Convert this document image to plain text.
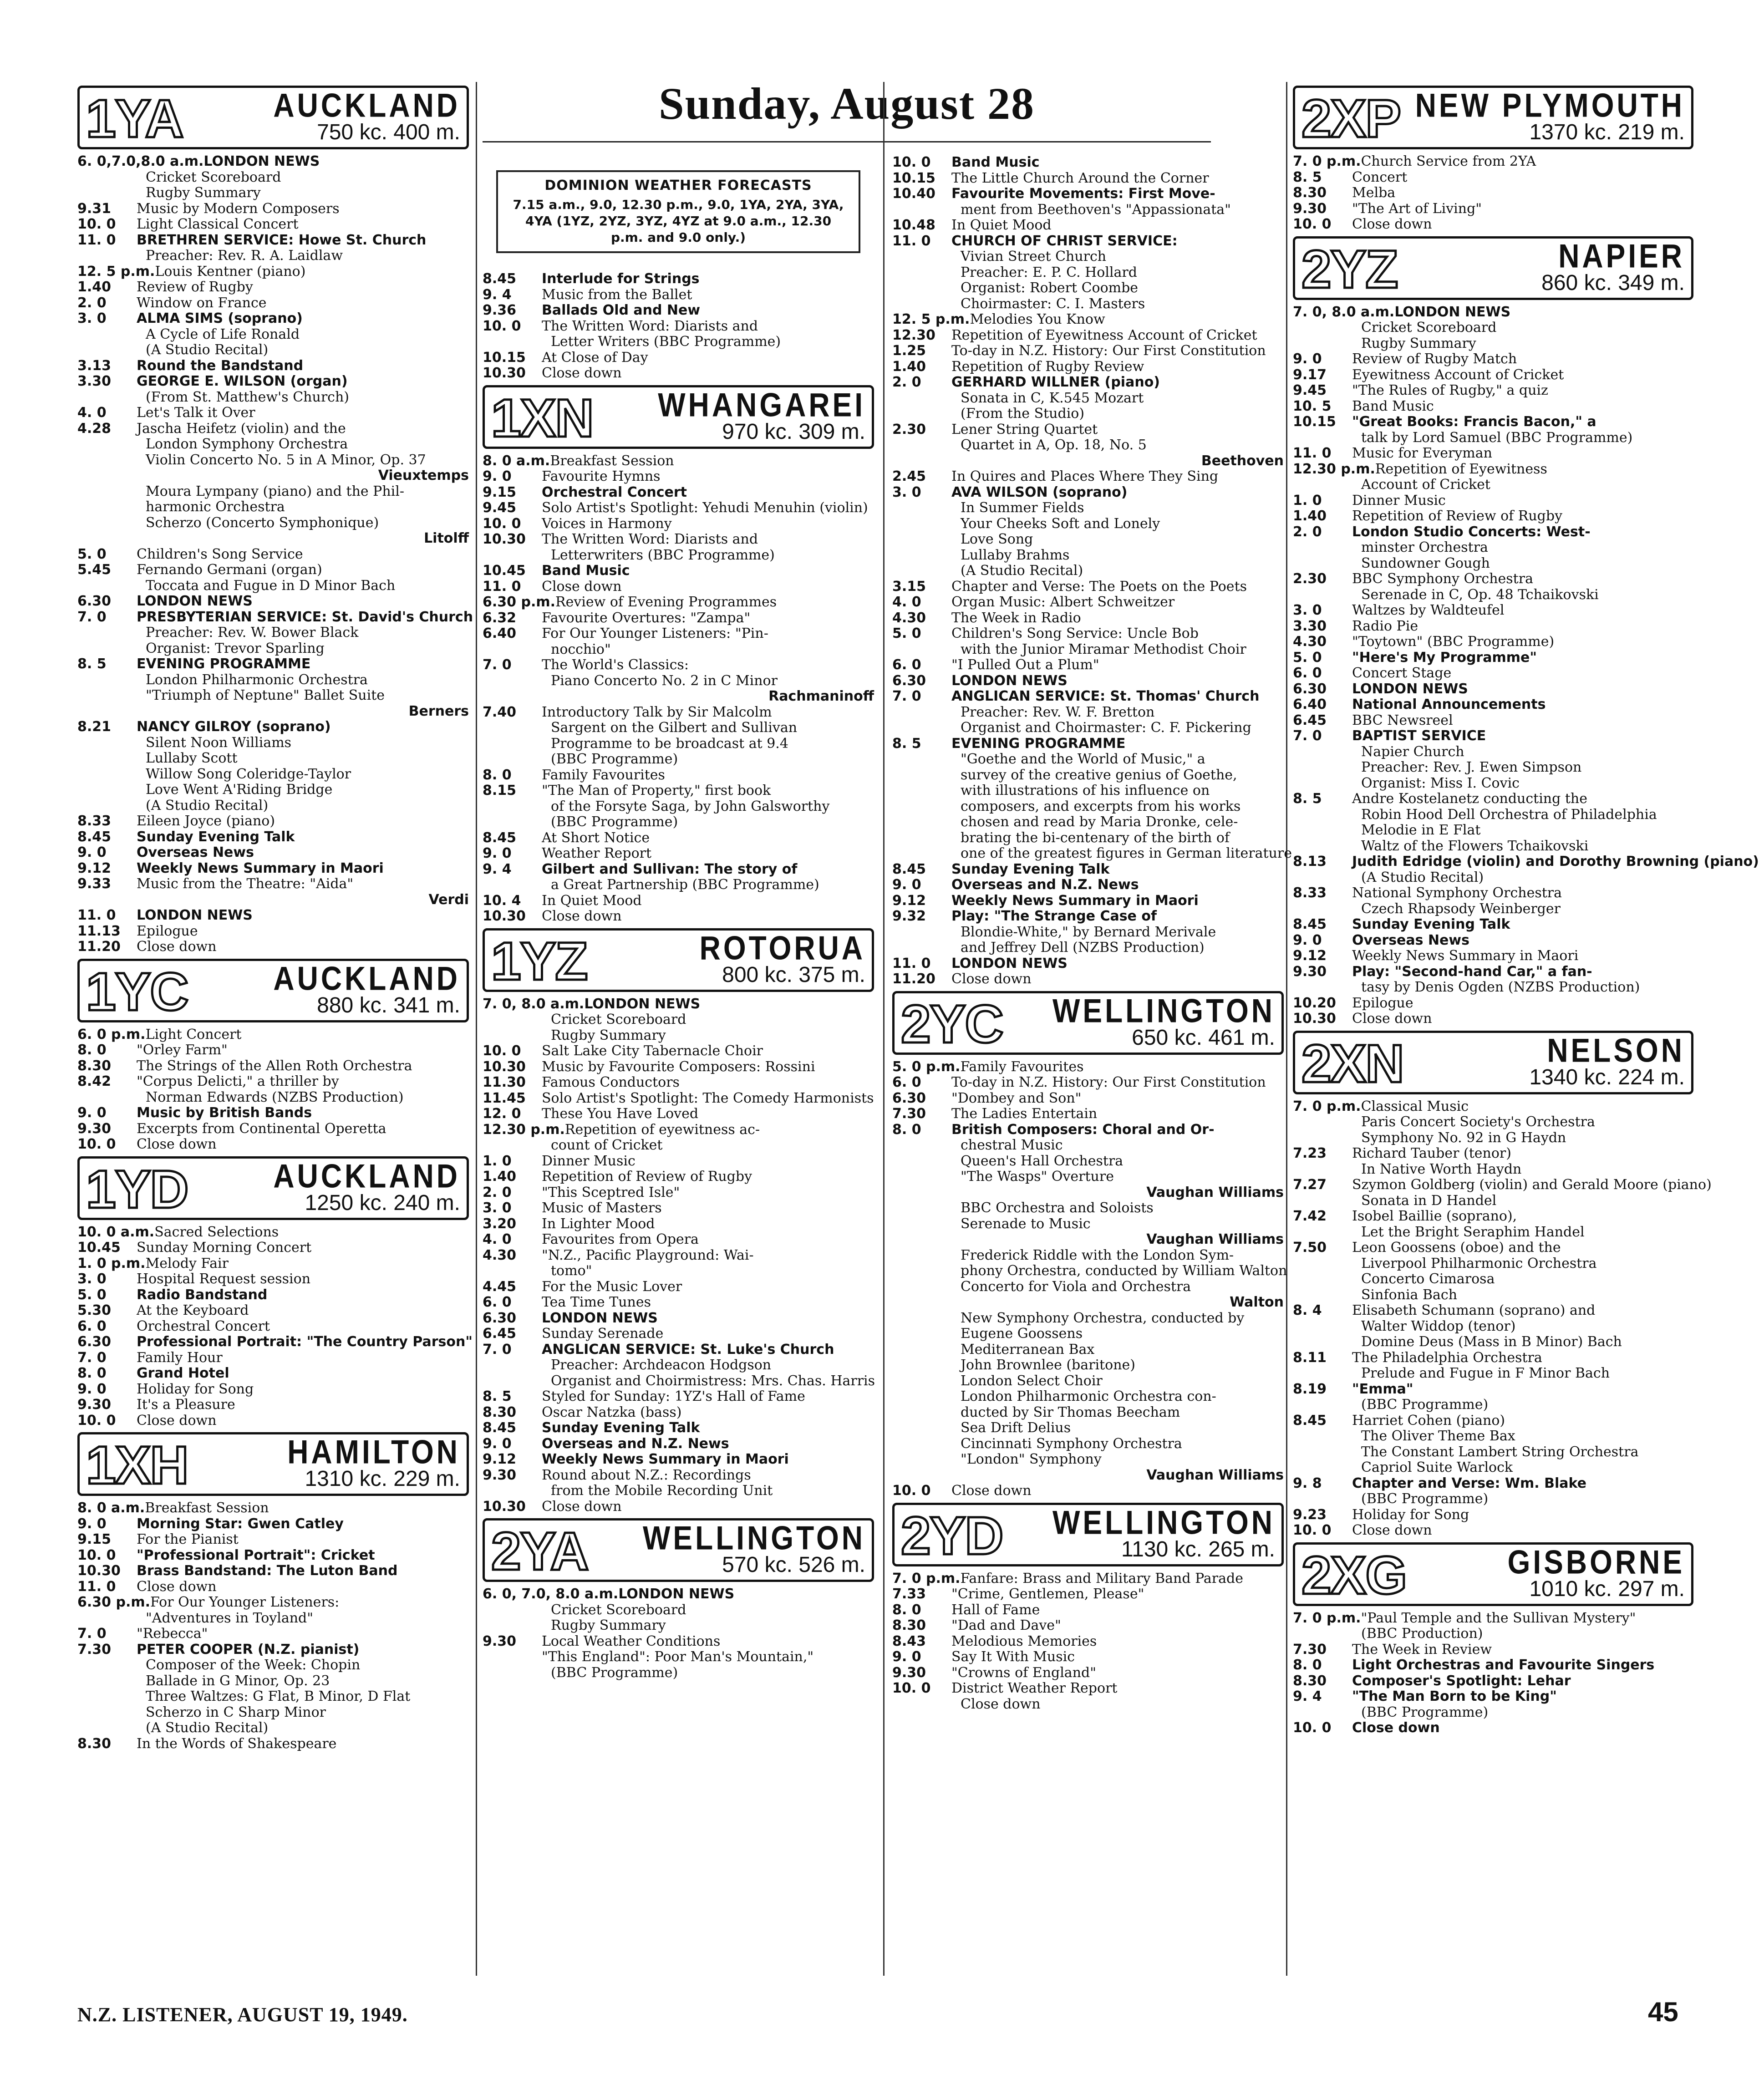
Sunday, August 28
1YA	AUCKLAND
750 kc. 400 m.
6. 0,7.0,8.0 a.m.LONDON NEWS
Cricket Scoreboard
Rugby Summary
9.31 Music by Modern Composers
10. 0 Light Classical Concert
11. 0 BRETHREN SERVICE: Howe St. Church
Preacher: Rev. R. A. Laidlaw
12. 5 p.m.Louis Kentner (piano)
1.40 Review of Rugby
2. 0 Window on France
3. 0 ALMA SIMS (soprano)
A Cycle of Life Ronald
(A Studio Recital)
3.13 Round the Bandstand
3.30 GEORGE E. WILSON (organ)
(From St. Matthew's Church)
4. 0 Let's Talk it Over
4.28 Jascha Heifetz (violin) and the
London Symphony Orchestra
Violin Concerto No. 5 in A Minor, Op. 37
Vieuxtemps
Moura Lympany (piano) and the Phil-
harmonic Orchestra
Scherzo (Concerto Symphonique)
Litolff
5. 0 Children's Song Service
5.45 Fernando Germani (organ)
Toccata and Fugue in D Minor Bach
6.30 LONDON NEWS
7. 0 PRESBYTERIAN SERVICE: St. David's Church
Preacher: Rev. W. Bower Black
Organist: Trevor Sparling
8. 5 EVENING PROGRAMME
London Philharmonic Orchestra
"Triumph of Neptune" Ballet Suite
Berners
8.21 NANCY GILROY (soprano)
Silent Noon Williams
Lullaby Scott
Willow Song Coleridge-Taylor
Love Went A'Riding Bridge
(A Studio Recital)
8.33 Eileen Joyce (piano)
8.45 Sunday Evening Talk
9. 0 Overseas News
9.12 Weekly News Summary in Maori
9.33 Music from the Theatre: "Aida"
Verdi
11. 0 LONDON NEWS
11.13 Epilogue
11.20 Close down
1YC	AUCKLAND
880 kc. 341 m.
6. 0 p.m.Light Concert
8. 0 "Orley Farm"
8.30 The Strings of the Allen Roth Orchestra
8.42 "Corpus Delicti," a thriller by
Norman Edwards (NZBS Production)
9. 0 Music by British Bands
9.30 Excerpts from Continental Operetta
10. 0 Close down
1YD	AUCKLAND
1250 kc. 240 m.
10. 0 a.m.Sacred Selections
10.45 Sunday Morning Concert
1. 0 p.m.Melody Fair
3. 0 Hospital Request session
5. 0 Radio Bandstand
5.30 At the Keyboard
6. 0 Orchestral Concert
6.30 Professional Portrait: "The Country Parson"
7. 0 Family Hour
8. 0 Grand Hotel
9. 0 Holiday for Song
9.30 It's a Pleasure
10. 0 Close down
1XH	HAMILTON
1310 kc. 229 m.
8. 0 a.m.Breakfast Session
9. 0 Morning Star: Gwen Catley
9.15 For the Pianist
10. 0 "Professional Portrait": Cricket
10.30 Brass Bandstand: The Luton Band
11. 0 Close down
6.30 p.m.For Our Younger Listeners:
"Adventures in Toyland"
7. 0 "Rebecca"
7.30 PETER COOPER (N.Z. pianist)
Composer of the Week: Chopin
Ballade in G Minor, Op. 23
Three Waltzes: G Flat, B Minor, D Flat
Scherzo in C Sharp Minor
(A Studio Recital)
8.30 In the Words of Shakespeare
DOMINION WEATHER FORECASTS
7.15 a.m., 9.0, 12.30 p.m., 9.0, 1YA, 2YA, 3YA, 4YA (1YZ, 2YZ, 3YZ, 4YZ at 9.0 a.m., 12.30 p.m. and 9.0 only.)
8.45 Interlude for Strings
9. 4 Music from the Ballet
9.36 Ballads Old and New
10. 0 The Written Word: Diarists and
Letter Writers (BBC Programme)
10.15 At Close of Day
10.30 Close down
1XN	WHANGAREI
970 kc. 309 m.
8. 0 a.m.Breakfast Session
9. 0 Favourite Hymns
9.15 Orchestral Concert
9.45 Solo Artist's Spotlight: Yehudi Menuhin (violin)
10. 0 Voices in Harmony
10.30 The Written Word: Diarists and
Letterwriters (BBC Programme)
10.45 Band Music
11. 0 Close down
6.30 p.m.Review of Evening Programmes
6.32 Favourite Overtures: "Zampa"
6.40 For Our Younger Listeners: "Pin-
nocchio"
7. 0 The World's Classics:
Piano Concerto No. 2 in C Minor
Rachmaninoff
7.40 Introductory Talk by Sir Malcolm
Sargent on the Gilbert and Sullivan
Programme to be broadcast at 9.4
(BBC Programme)
8. 0 Family Favourites
8.15 "The Man of Property," first book
of the Forsyte Saga, by John Galsworthy
(BBC Programme)
8.45 At Short Notice
9. 0 Weather Report
9. 4 Gilbert and Sullivan: The story of
a Great Partnership (BBC Programme)
10. 4 In Quiet Mood
10.30 Close down
1YZ	ROTORUA
800 kc. 375 m.
7. 0, 8.0 a.m.LONDON NEWS
Cricket Scoreboard
Rugby Summary
10. 0 Salt Lake City Tabernacle Choir
10.30 Music by Favourite Composers: Rossini
11.30 Famous Conductors
11.45 Solo Artist's Spotlight: The Comedy Harmonists
12. 0 These You Have Loved
12.30 p.m.Repetition of eyewitness ac-
count of Cricket
1. 0 Dinner Music
1.40 Repetition of Review of Rugby
2. 0 "This Sceptred Isle"
3. 0 Music of Masters
3.20 In Lighter Mood
4. 0 Favourites from Opera
4.30 "N.Z., Pacific Playground: Wai-
tomo"
4.45 For the Music Lover
6. 0 Tea Time Tunes
6.30 LONDON NEWS
6.45 Sunday Serenade
7. 0 ANGLICAN SERVICE: St. Luke's Church
Preacher: Archdeacon Hodgson
Organist and Choirmistress: Mrs. Chas. Harris
8. 5 Styled for Sunday: 1YZ's Hall of Fame
8.30 Oscar Natzka (bass)
8.45 Sunday Evening Talk
9. 0 Overseas and N.Z. News
9.12 Weekly News Summary in Maori
9.30 Round about N.Z.: Recordings
from the Mobile Recording Unit
10.30 Close down
2YA	WELLINGTON
570 kc. 526 m.
6. 0, 7.0, 8.0 a.m.LONDON NEWS
Cricket Scoreboard
Rugby Summary
9.30 Local Weather Conditions
"This England": Poor Man's Mountain,"
(BBC Programme)
10. 0 Band Music
10.15 The Little Church Around the Corner
10.40 Favourite Movements: First Move-
ment from Beethoven's "Appassionata"
10.48 In Quiet Mood
11. 0 CHURCH OF CHRIST SERVICE:
Vivian Street Church
Preacher: E. P. C. Hollard
Organist: Robert Coombe
Choirmaster: C. I. Masters
12. 5 p.m.Melodies You Know
12.30 Repetition of Eyewitness Account of Cricket
1.25 To-day in N.Z. History: Our First Constitution
1.40 Repetition of Rugby Review
2. 0 GERHARD WILLNER (piano)
Sonata in C, K.545 Mozart
(From the Studio)
2.30 Lener String Quartet
Quartet in A, Op. 18, No. 5
Beethoven
2.45 In Quires and Places Where They Sing
3. 0 AVA WILSON (soprano)
In Summer Fields
Your Cheeks Soft and Lonely
Love Song
Lullaby Brahms
(A Studio Recital)
3.15 Chapter and Verse: The Poets on the Poets
4. 0 Organ Music: Albert Schweitzer
4.30 The Week in Radio
5. 0 Children's Song Service: Uncle Bob
with the Junior Miramar Methodist Choir
6. 0 "I Pulled Out a Plum"
6.30 LONDON NEWS
7. 0 ANGLICAN SERVICE: St. Thomas' Church
Preacher: Rev. W. F. Bretton
Organist and Choirmaster: C. F. Pickering
8. 5 EVENING PROGRAMME
"Goethe and the World of Music," a
survey of the creative genius of Goethe,
with illustrations of his influence on
composers, and excerpts from his works
chosen and read by Maria Dronke, cele-
brating the bi-centenary of the birth of
one of the greatest figures in German literature
8.45 Sunday Evening Talk
9. 0 Overseas and N.Z. News
9.12 Weekly News Summary in Maori
9.32 Play: "The Strange Case of
Blondie-White," by Bernard Merivale
and Jeffrey Dell (NZBS Production)
11. 0 LONDON NEWS
11.20 Close down
2YC	WELLINGTON
650 kc. 461 m.
5. 0 p.m.Family Favourites
6. 0 To-day in N.Z. History: Our First Constitution
6.30 "Dombey and Son"
7.30 The Ladies Entertain
8. 0 British Composers: Choral and Or-
chestral Music
Queen's Hall Orchestra
"The Wasps" Overture
Vaughan Williams
BBC Orchestra and Soloists
Serenade to Music
Vaughan Williams
Frederick Riddle with the London Sym-
phony Orchestra, conducted by William Walton
Concerto for Viola and Orchestra
Walton
New Symphony Orchestra, conducted by
Eugene Goossens
Mediterranean Bax
John Brownlee (baritone)
London Select Choir
London Philharmonic Orchestra con-
ducted by Sir Thomas Beecham
Sea Drift Delius
Cincinnati Symphony Orchestra
"London" Symphony
Vaughan Williams
10. 0 Close down
2YD	WELLINGTON
1130 kc. 265 m.
7. 0 p.m.Fanfare: Brass and Military Band Parade
7.33 "Crime, Gentlemen, Please"
8. 0 Hall of Fame
8.30 "Dad and Dave"
8.43 Melodious Memories
9. 0 Say It With Music
9.30 "Crowns of England"
10. 0 District Weather Report
Close down
2XP NEW PLYMOUTH
1370 kc. 219 m.
7. 0 p.m.Church Service from 2YA
8. 5 Concert
8.30 Melba
9.30 "The Art of Living"
10. 0 Close down
2YZ	NAPIER
860 kc. 349 m.
7. 0, 8.0 a.m.LONDON NEWS
Cricket Scoreboard
Rugby Summary
9. 0 Review of Rugby Match
9.17 Eyewitness Account of Cricket
9.45 "The Rules of Rugby," a quiz
10. 5 Band Music
10.15 "Great Books: Francis Bacon," a
talk by Lord Samuel (BBC Programme)
11. 0 Music for Everyman
12.30 p.m.Repetition of Eyewitness
Account of Cricket
1. 0 Dinner Music
1.40 Repetition of Review of Rugby
2. 0 London Studio Concerts: West-
minster Orchestra
Sundowner Gough
2.30 BBC Symphony Orchestra
Serenade in C, Op. 48 Tchaikovski
3. 0 Waltzes by Waldteufel
3.30 Radio Pie
4.30 "Toytown" (BBC Programme)
5. 0 "Here's My Programme"
6. 0 Concert Stage
6.30 LONDON NEWS
6.40 National Announcements
6.45 BBC Newsreel
7. 0 BAPTIST SERVICE
Napier Church
Preacher: Rev. J. Ewen Simpson
Organist: Miss I. Covic
8. 5 Andre Kostelanetz conducting the
Robin Hood Dell Orchestra of Philadelphia
Melodie in E Flat
Waltz of the Flowers Tchaikovski
8.13 Judith Edridge (violin) and Dorothy Browning (piano)
(A Studio Recital)
8.33 National Symphony Orchestra
Czech Rhapsody Weinberger
8.45 Sunday Evening Talk
9. 0 Overseas News
9.12 Weekly News Summary in Maori
9.30 Play: "Second-hand Car," a fan-
tasy by Denis Ogden (NZBS Production)
10.20 Epilogue
10.30 Close down
2XN	NELSON
1340 kc. 224 m.
7. 0 p.m.Classical Music
Paris Concert Society's Orchestra
Symphony No. 92 in G Haydn
7.23 Richard Tauber (tenor)
In Native Worth Haydn
7.27 Szymon Goldberg (violin) and Gerald Moore (piano)
Sonata in D Handel
7.42 Isobel Baillie (soprano),
Let the Bright Seraphim Handel
7.50 Leon Goossens (oboe) and the
Liverpool Philharmonic Orchestra
Concerto Cimarosa
Sinfonia Bach
8. 4 Elisabeth Schumann (soprano) and
Walter Widdop (tenor)
Domine Deus (Mass in B Minor) Bach
8.11 The Philadelphia Orchestra
Prelude and Fugue in F Minor Bach
8.19 "Emma"
(BBC Programme)
8.45 Harriet Cohen (piano)
The Oliver Theme Bax
The Constant Lambert String Orchestra
Capriol Suite Warlock
9. 8 Chapter and Verse: Wm. Blake
(BBC Programme)
9.23 Holiday for Song
10. 0 Close down
2XG	GISBORNE
1010 kc. 297 m.
7. 0 p.m."Paul Temple and the Sullivan Mystery"
(BBC Production)
7.30 The Week in Review
8. 0 Light Orchestras and Favourite Singers
8.30 Composer's Spotlight: Lehar
9. 4 "The Man Born to be King"
(BBC Programme)
10. 0 Close down
N.Z. LISTENER, AUGUST 19, 1949.	45
